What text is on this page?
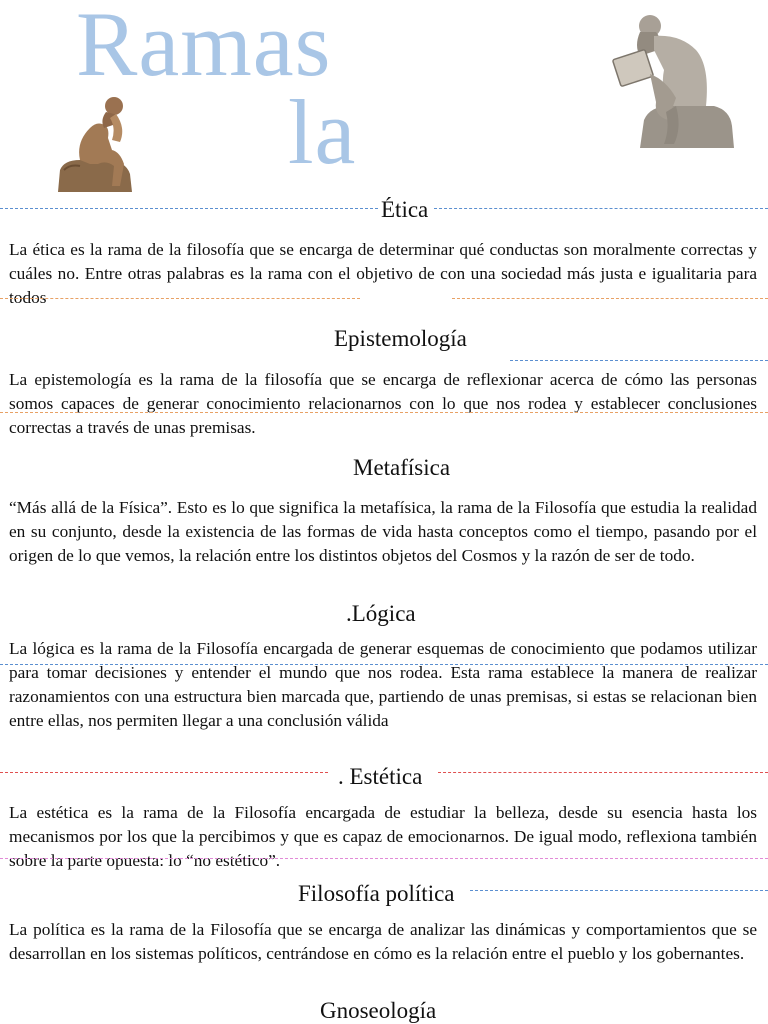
Ramas
la
Ética

La ética es la rama de la filosofía que se encarga de determinar qué conductas son moralmente correctas y cuáles no. Entre otras palabras es la rama con el objetivo de con una sociedad más justa e igualitaria para todos

Epistemología

La epistemología es la rama de la filosofía que se encarga de reflexionar acerca de cómo las personas somos capaces de generar conocimiento relacionarnos con lo que nos rodea y establecer conclusiones correctas a través de unas premisas.

Metafísica

“Más allá de la Física”. Esto es lo que significa la metafísica, la rama de la Filosofía que estudia la realidad en su conjunto, desde la existencia de las formas de vida hasta conceptos como el tiempo, pasando por el origen de lo que vemos, la relación entre los distintos objetos del Cosmos y la razón de ser de todo.

.Lógica

La lógica es la rama de la Filosofía encargada de generar esquemas de conocimiento que podamos utilizar para tomar decisiones y entender el mundo que nos rodea. Esta rama establece la manera de realizar razonamientos con una estructura bien marcada que, partiendo de unas premisas, si estas se relacionan bien entre ellas, nos permiten llegar a una conclusión válida

. Estética

La estética es la rama de la Filosofía encargada de estudiar la belleza, desde su esencia hasta los mecanismos por los que la percibimos y que es capaz de emocionarnos. De igual modo, reflexiona también sobre la parte opuesta: lo “no estético”.

Filosofía política

La política es la rama de la Filosofía que se encarga de analizar las dinámicas y comportamientos que se desarrollan en los sistemas políticos, centrándose en cómo es la relación entre el pueblo y los gobernantes.

Gnoseología
